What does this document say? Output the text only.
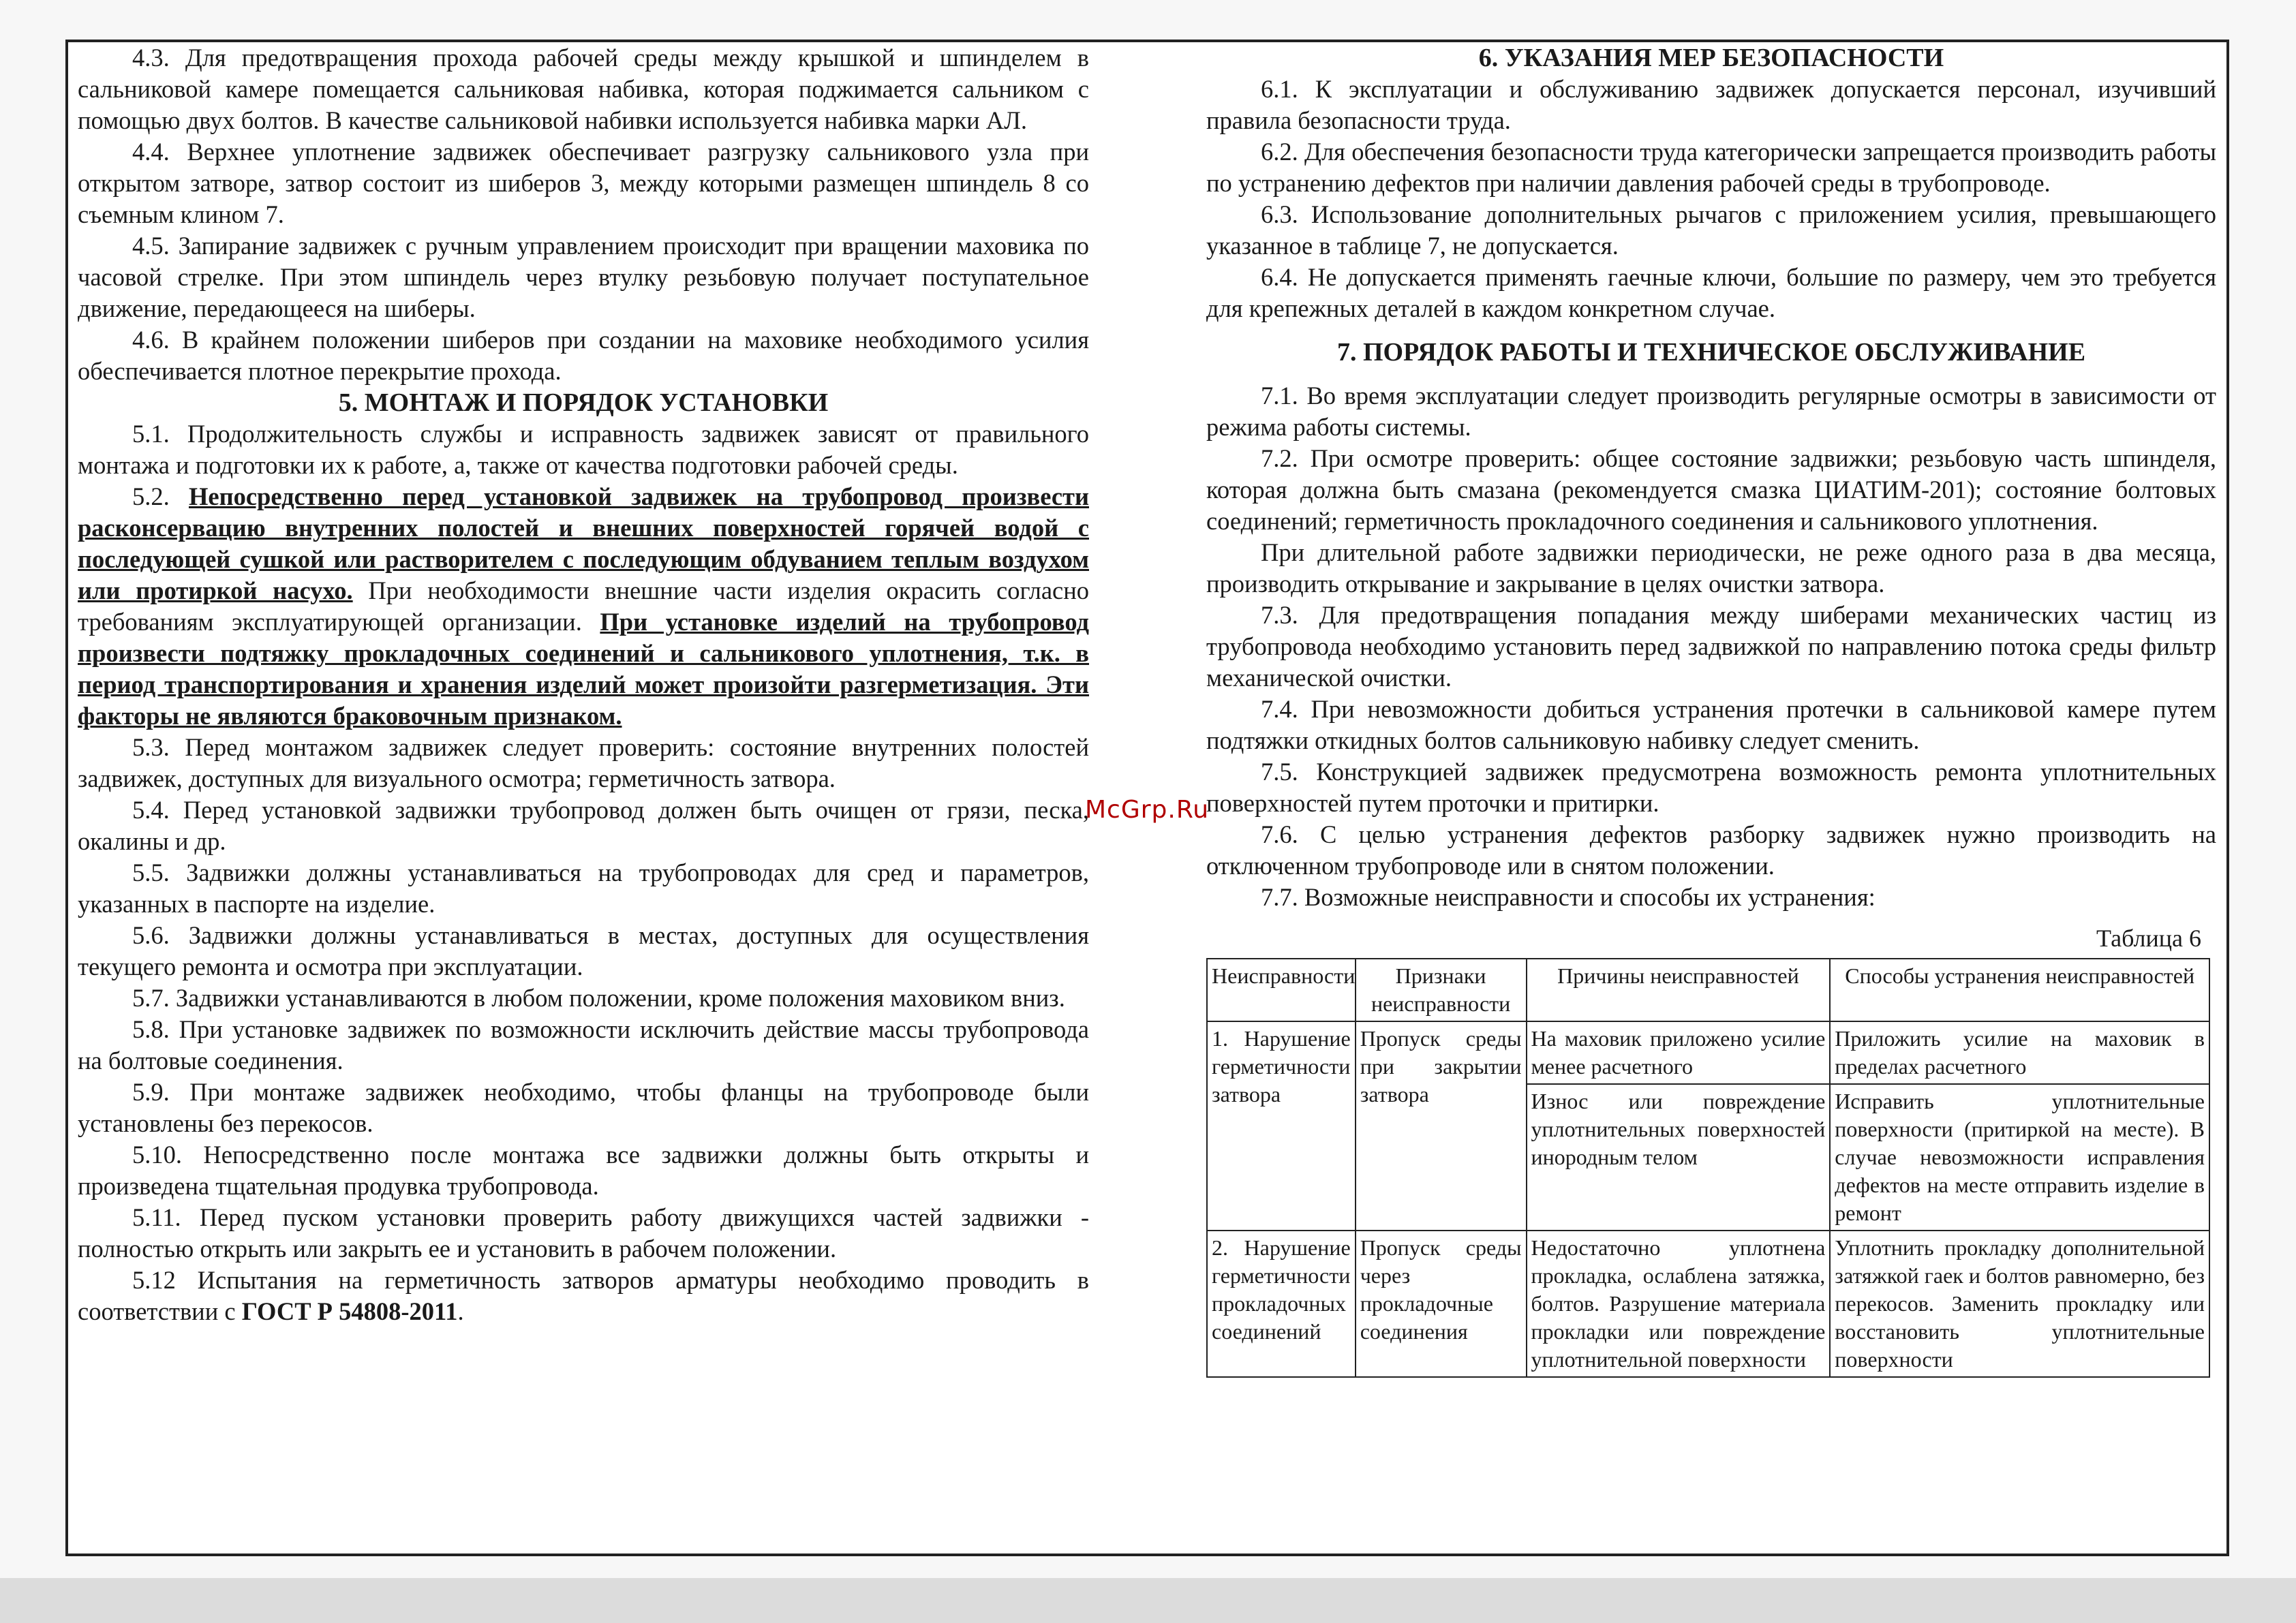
4.3. Для предотвращения прохода рабочей среды между крышкой и шпинделем в сальниковой камере помещается сальниковая набивка, которая поджимается сальником с помощью двух болтов. В качестве сальниковой набивки используется набивка марки АЛ.

4.4. Верхнее уплотнение задвижек обеспечивает разгрузку сальникового узла при открытом затворе, затвор состоит из шиберов 3, между которыми размещен шпиндель 8 со съемным клином 7.

4.5. Запирание задвижек с ручным управлением происходит при вращении маховика по часовой стрелке. При этом шпиндель через втулку резьбовую получает поступательное движение, передающееся на шиберы.

4.6. В крайнем положении шиберов при создании на маховике необходимого усилия обеспечивается плотное перекрытие прохода.

5. МОНТАЖ И ПОРЯДОК УСТАНОВКИ

5.1. Продолжительность службы и исправность задвижек зависят от правильного монтажа и подготовки их к работе, а, также от качества подготовки рабочей среды.

5.2. Непосредственно перед установкой задвижек на трубопровод произвести расконсервацию внутренних полостей и внешних поверхностей горячей водой с последующей сушкой или растворителем с последующим обдуванием теплым воздухом или протиркой насухо. При необходимости внешние части изделия окрасить согласно требованиям эксплуатирующей организации. При установке изделий на трубопровод произвести подтяжку прокладочных соединений и сальникового уплотнения, т.к. в период транспортирования и хранения изделий может произойти разгерметизация. Эти факторы не являются браковочным признаком.

5.3. Перед монтажом задвижек следует проверить: состояние внутренних полостей задвижек, доступных для визуального осмотра; герметичность затвора.

5.4. Перед установкой задвижки трубопровод должен быть очищен от грязи, песка, окалины и др.

5.5. Задвижки должны устанавливаться на трубопроводах для сред и параметров, указанных в паспорте на изделие.

5.6. Задвижки должны устанавливаться в местах, доступных для осуществления текущего ремонта и осмотра при эксплуатации.

5.7. Задвижки устанавливаются в любом положении, кроме положения маховиком вниз.

5.8. При установке задвижек по возможности исключить действие массы трубопровода на болтовые соединения.

5.9. При монтаже задвижек необходимо, чтобы фланцы на трубопроводе были установлены без перекосов.

5.10. Непосредственно после монтажа все задвижки должны быть открыты и произведена тщательная продувка трубопровода.

5.11. Перед пуском установки проверить работу движущихся частей задвижки - полностью открыть или закрыть ее и установить в рабочем положении.

5.12 Испытания на герметичность затворов арматуры необходимо проводить в соответствии с ГОСТ Р 54808-2011.

6. УКАЗАНИЯ МЕР БЕЗОПАСНОСТИ

6.1. К эксплуатации и обслуживанию задвижек допускается персонал, изучивший правила безопасности труда.

6.2. Для обеспечения безопасности труда категорически запрещается производить работы по устранению дефектов при наличии давления рабочей среды в трубопроводе.

6.3. Использование дополнительных рычагов с приложением усилия, превышающего указанное в таблице 7, не допускается.

6.4. Не допускается применять гаечные ключи, большие по размеру, чем это требуется для крепежных деталей в каждом конкретном случае.

7. ПОРЯДОК РАБОТЫ И ТЕХНИЧЕСКОЕ ОБСЛУЖИВАНИЕ

7.1. Во время эксплуатации следует производить регулярные осмотры в зависимости от режима работы системы.

7.2. При осмотре проверить: общее состояние задвижки; резьбовую часть шпинделя, которая должна быть смазана (рекомендуется смазка ЦИАТИМ-201); состояние болтовых соединений; герметичность прокладочного соединения и сальникового уплотнения.

При длительной работе задвижки периодически, не реже одного раза в два месяца, производить открывание и закрывание в целях очистки затвора.

7.3. Для предотвращения попадания между шиберами механических частиц из трубопровода необходимо установить перед задвижкой по направлению потока среды фильтр механической очистки.

7.4. При невозможности добиться устранения протечки в сальниковой камере путем подтяжки откидных болтов сальниковую набивку следует сменить.

7.5. Конструкцией задвижек предусмотрена возможность ремонта уплотнительных поверхностей путем проточки и притирки.

7.6. С целью устранения дефектов разборку задвижек нужно производить на отключенном трубопроводе или в снятом положении.

7.7. Возможные неисправности и способы их устранения:

Таблица 6
Неисправности	Признаки неисправности	Причины неисправностей	Способы устранения неисправностей
1. Нарушение герметичности затвора	Пропуск среды при закрытии затвора	На маховик приложено усилие менее расчетного	Приложить усилие на маховик в пределах расчетного
		Износ или повреждение уплотнительных поверхностей инородным телом	Исправить уплотнительные поверхности (притиркой на месте). В случае невозможности исправления дефектов на месте отправить изделие в ремонт
2. Нарушение герметичности прокладочных соединений	Пропуск среды через прокладочные соединения	Недостаточно уплотнена прокладка, ослаблена затяжка, болтов. Разрушение материала прокладки или повреждение уплотнительной поверхности	Уплотнить прокладку дополнительной затяжкой гаек и болтов равномерно, без перекосов. Заменить прокладку или восстановить уплотнительные поверхности
McGrp.Ru
